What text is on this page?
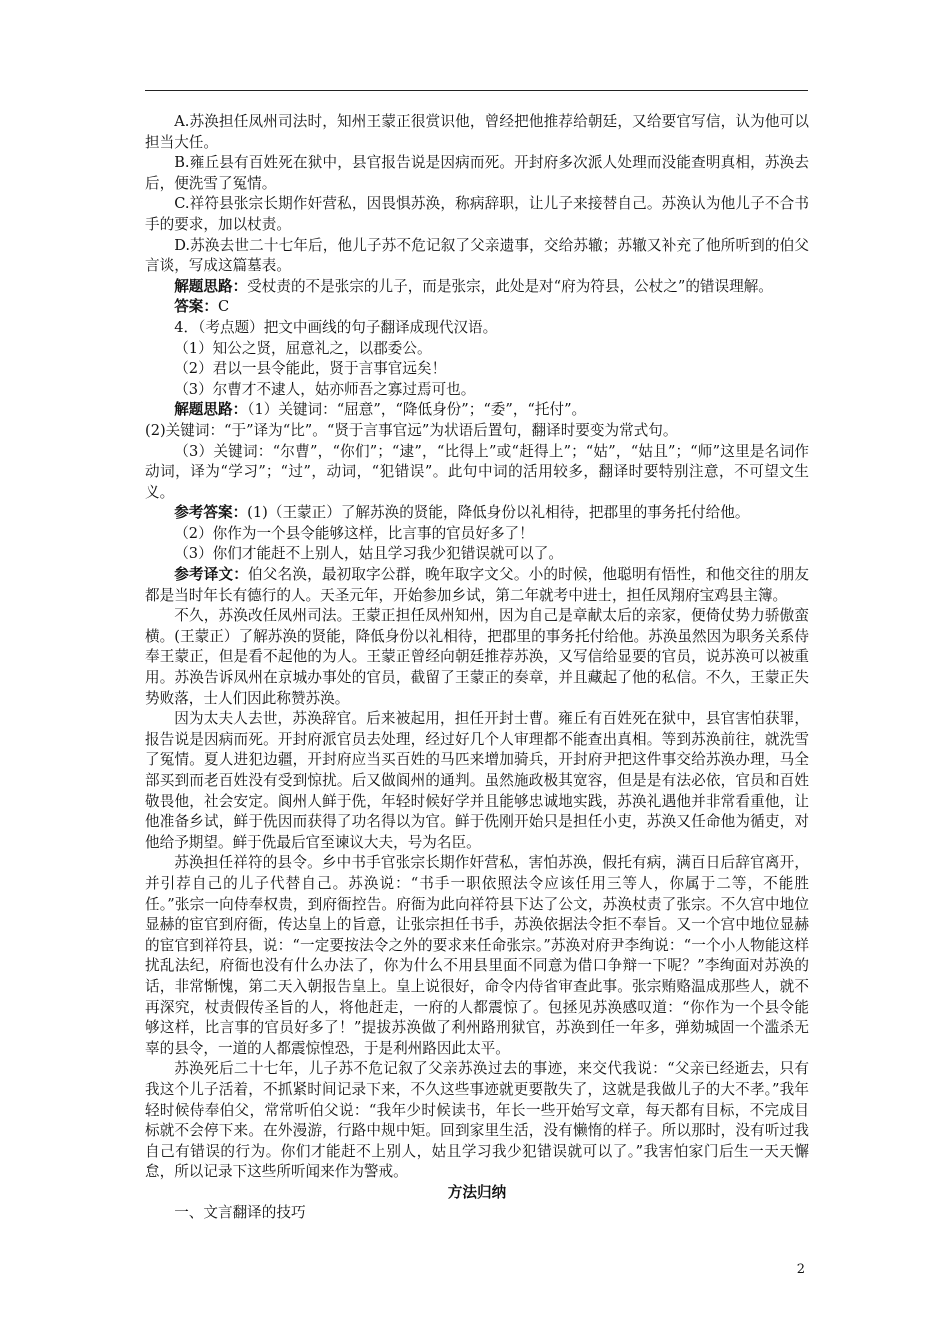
A.苏涣担任凤州司法时，知州王蒙正很赏识他，曾经把他推荐给朝廷，又给要官写信，认为他可以担当大任。

B.雍丘县有百姓死在狱中，县官报告说是因病而死。开封府多次派人处理而没能查明真相，苏涣去后，便洗雪了冤情。

C.祥符县张宗长期作奸营私，因畏惧苏涣，称病辞职，让儿子来接替自己。苏涣认为他儿子不合书手的要求，加以杖责。

D.苏涣去世二十七年后，他儿子苏不危记叙了父亲遗事，交给苏辙；苏辙又补充了他所听到的伯父言谈，写成这篇墓表。

解题思路：受杖责的不是张宗的儿子，而是张宗，此处是对“府为符县，公杖之”的错误理解。

答案：C

4．（考点题）把文中画线的句子翻译成现代汉语。

（1）知公之贤，屈意礼之，以郡委公。

（2）君以一县令能此，贤于言事官远矣！

（3）尔曹才不逮人，姑亦师吾之寡过焉可也。

解题思路：（1）关键词：“屈意”，“降低身份”；“委”，“托付”。

(2)关键词：“于”译为“比”。“贤于言事官远”为状语后置句，翻译时要变为常式句。

（3）关键词：“尔曹”，“你们”；“逮”，“比得上”或“赶得上”；“姑”，“姑且”；“师”这里是名词作动词，译为“学习”；“过”，动词，“犯错误”。此句中词的活用较多，翻译时要特别注意，不可望文生义。

参考答案：(1)（王蒙正）了解苏涣的贤能，降低身份以礼相待，把郡里的事务托付给他。

（2）你作为一个县令能够这样，比言事的官员好多了！

（3）你们才能赶不上别人，姑且学习我少犯错误就可以了。

参考译文：伯父名涣，最初取字公群，晚年取字文父。小的时候，他聪明有悟性，和他交往的朋友都是当时年长有德行的人。天圣元年，开始参加乡试，第二年就考中进士，担任凤翔府宝鸡县主簿。

不久，苏涣改任凤州司法。王蒙正担任凤州知州，因为自己是章献太后的亲家，便倚仗势力骄傲蛮横。(王蒙正）了解苏涣的贤能，降低身份以礼相待，把郡里的事务托付给他。苏涣虽然因为职务关系侍奉王蒙正，但是看不起他的为人。王蒙正曾经向朝廷推荐苏涣，又写信给显要的官员，说苏涣可以被重用。苏涣告诉凤州在京城办事处的官员，截留了王蒙正的奏章，并且藏起了他的私信。不久，王蒙正失势败落，士人们因此称赞苏涣。

因为太夫人去世，苏涣辞官。后来被起用，担任开封士曹。雍丘有百姓死在狱中，县官害怕获罪，报告说是因病而死。开封府派官员去处理，经过好几个人审理都不能查出真相。等到苏涣前往，就洗雪了冤情。夏人进犯边疆，开封府应当买百姓的马匹来增加骑兵，开封府尹把这件事交给苏涣办理，马全部买到而老百姓没有受到惊扰。后又做阆州的通判。虽然施政极其宽容，但是是有法必依，官员和百姓敬畏他，社会安定。阆州人鲜于侁，年轻时候好学并且能够忠诚地实践，苏涣礼遇他并非常看重他，让他准备乡试，鲜于侁因而获得了功名得以为官。鲜于侁刚开始只是担任小吏，苏涣又任命他为循吏，对他给予期望。鲜于侁最后官至谏议大夫，号为名臣。

苏涣担任祥符的县令。乡中书手官张宗长期作奸营私，害怕苏涣，假托有病，满百日后辞官离开，并引荐自己的儿子代替自己。苏涣说：“书手一职依照法令应该任用三等人，你属于二等，不能胜任。”张宗一向侍奉权贵，到府衙控告。府衙为此向祥符县下达了公文，苏涣杖责了张宗。不久宫中地位显赫的宦官到府衙，传达皇上的旨意，让张宗担任书手，苏涣依据法令拒不奉旨。又一个宫中地位显赫的宦官到祥符县，说：“一定要按法令之外的要求来任命张宗。”苏涣对府尹李绚说：“一个小人物能这样扰乱法纪，府衙也没有什么办法了，你为什么不用县里面不同意为借口争辩一下呢？”李绚面对苏涣的话，非常惭愧，第二天入朝报告皇上。皇上说很好，命令内侍省审查此事。张宗贿赂温成那些人，就不再深究，杖责假传圣旨的人，将他赶走，一府的人都震惊了。包拯见苏涣感叹道：“你作为一个县令能够这样，比言事的官员好多了！”提拔苏涣做了利州路刑狱官，苏涣到任一年多，弹劾城固一个滥杀无辜的县令，一道的人都震惊惶恐，于是利州路因此太平。

苏涣死后二十七年，儿子苏不危记叙了父亲苏涣过去的事迹，来交代我说：“父亲已经逝去，只有我这个儿子活着，不抓紧时间记录下来，不久这些事迹就更要散失了，这就是我做儿子的大不孝。”我年轻时候侍奉伯父，常常听伯父说：“我年少时候读书，年长一些开始写文章，每天都有目标，不完成目标就不会停下来。在外漫游，行路中规中矩。回到家里生活，没有懒惰的样子。所以那时，没有听过我自己有错误的行为。你们才能赶不上别人，姑且学习我少犯错误就可以了。”我害怕家门后生一天天懈怠，所以记录下这些所听闻来作为警戒。

方法归纳

一、文言翻译的技巧

2
